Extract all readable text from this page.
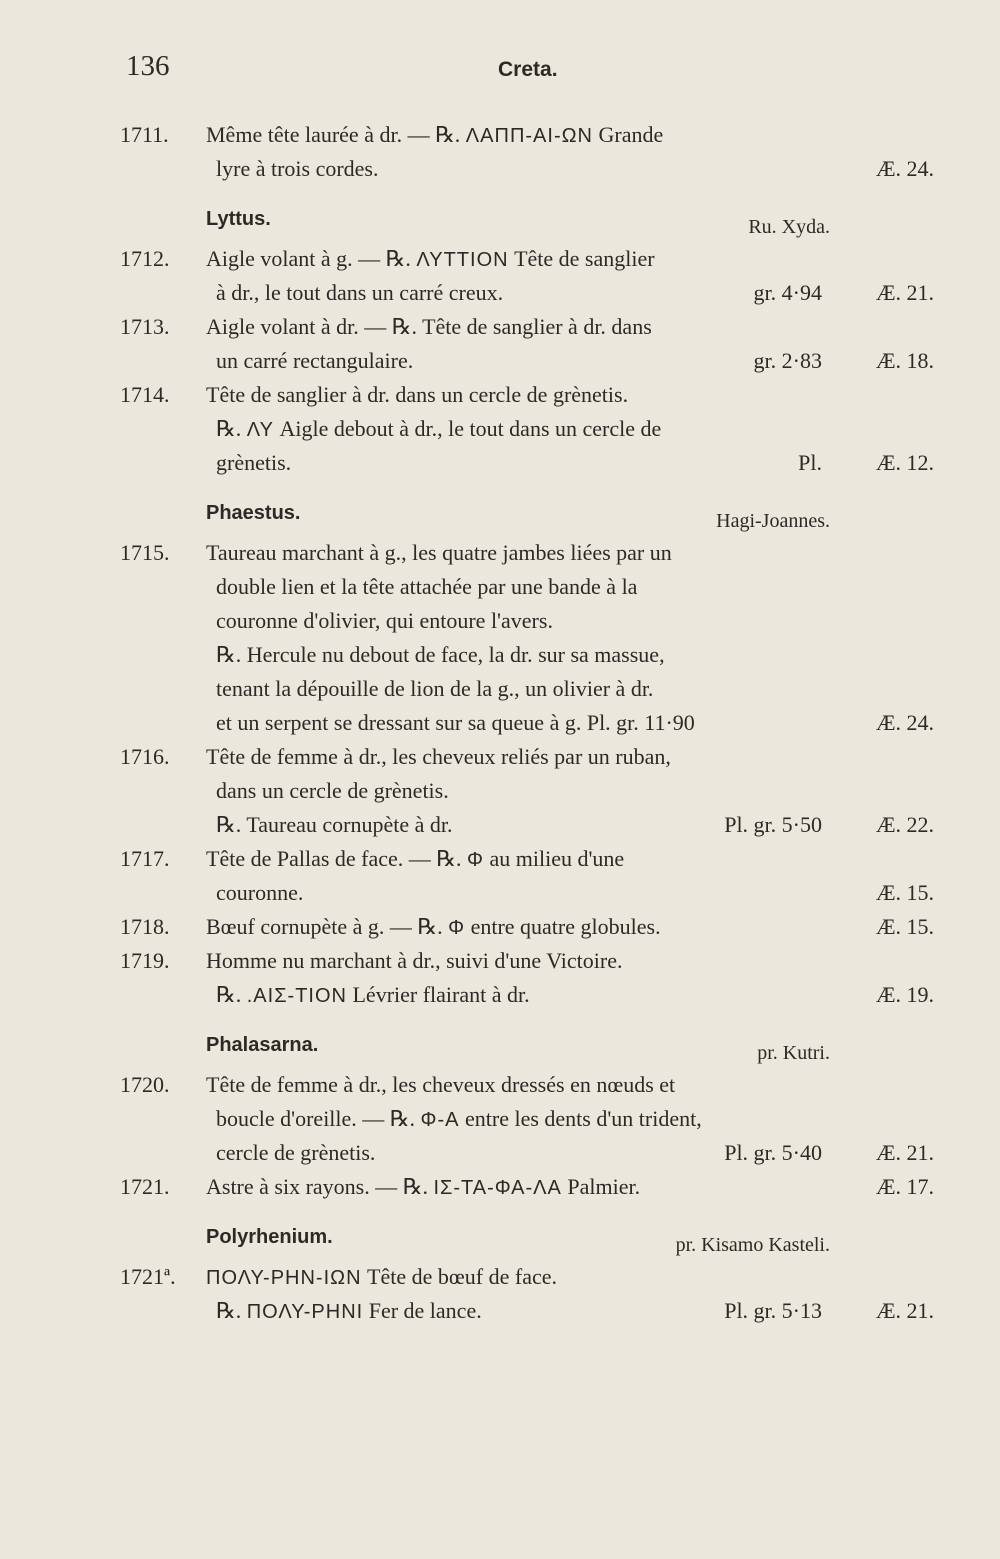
136	Creta.
1711. Même tête laurée à dr. — ℞. ΛΑΠΠ-ΑΙ-ΩΝ Grande
lyre à trois cordes.	Æ. 24.
Lyttus.	Ru. Xyda.
1712. Aigle volant à g. — ℞. ΛΥΤΤΙΟΝ Tête de sanglier
à dr., le tout dans un carré creux.	gr. 4·94 Æ. 21.
1713. Aigle volant à dr. — ℞. Tête de sanglier à dr. dans
un carré rectangulaire.	gr. 2·83 Æ. 18.
1714. Tête de sanglier à dr. dans un cercle de grènetis.
℞. ΛΥ Aigle debout à dr., le tout dans un cercle de
grènetis.	Pl. Æ. 12.
Phaestus.	Hagi-Joannes.
1715. Taureau marchant à g., les quatre jambes liées par un
double lien et la tête attachée par une bande à la
couronne d'olivier, qui entoure l'avers.
℞. Hercule nu debout de face, la dr. sur sa massue,
tenant la dépouille de lion de la g., un olivier à dr.
et un serpent se dressant sur sa queue à g. Pl. gr. 11·90	Æ. 24.
1716. Tête de femme à dr., les cheveux reliés par un ruban,
dans un cercle de grènetis.
℞. Taureau cornupète à dr.	Pl. gr. 5·50 Æ. 22.
1717. Tête de Pallas de face. — ℞. Φ au milieu d'une
couronne.	Æ. 15.
1718. Bœuf cornupète à g. — ℞. Φ entre quatre globules.	Æ. 15.
1719. Homme nu marchant à dr., suivi d'une Victoire.
℞. .ΑΙΣ-ΤΙΟΝ Lévrier flairant à dr.	Æ. 19.
Phalasarna.	pr. Kutri.
1720. Tête de femme à dr., les cheveux dressés en nœuds et
boucle d'oreille. — ℞. Φ-Α entre les dents d'un trident,
cercle de grènetis.	Pl. gr. 5·40 Æ. 21.
1721. Astre à six rayons. — ℞. ΙΣ-ΤΑ-ΦΑ-ΛΑ Palmier.	Æ. 17.
Polyrhenium.	pr. Kisamo Kasteli.
1721ª. ΠΟΛΥ-ΡΗΝ-ΙΩΝ Tête de bœuf de face.
℞. ΠΟΛΥ-ΡΗΝΙ Fer de lance.	Pl. gr. 5·13 Æ. 21.
